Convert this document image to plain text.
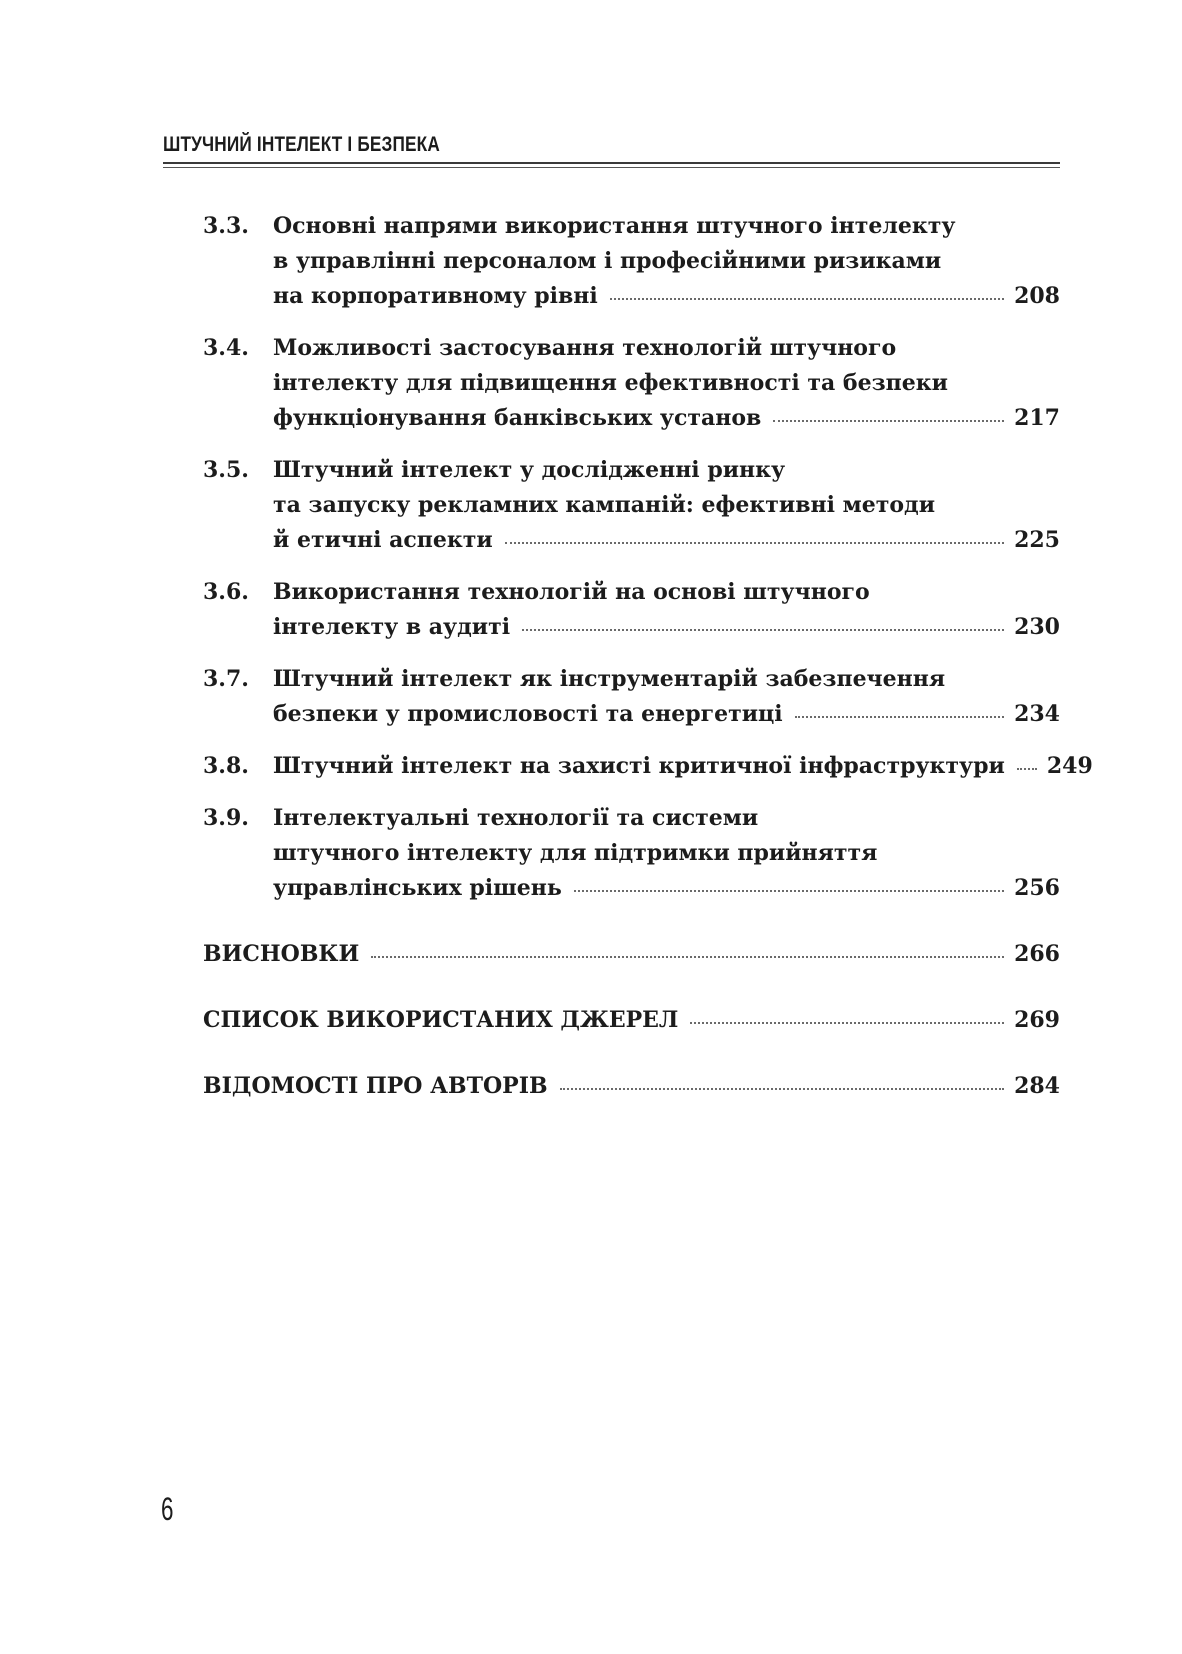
ШТУЧНИЙ ІНТЕЛЕКТ І БЕЗПЕКА
3.3.	Основні напрями використання штучного інтелекту
в управлінні персоналом і професійними ризиками
на корпоративному рівні	208
3.4.	Можливості застосування технологій штучного
інтелекту для підвищення ефективності та безпеки
функціонування банківських установ	217
3.5.	Штучний інтелект у дослідженні ринку
та запуску рекламних кампаній: ефективні методи
й етичні аспекти	225
3.6.	Використання технологій на основі штучного
інтелекту в аудиті	230
3.7.	Штучний інтелект як інструментарій забезпечення
безпеки у промисловості та енергетиці	234
3.8.	Штучний інтелект на захисті критичної інфраструктури 249
3.9.	Інтелектуальні технології та системи
штучного інтелекту для підтримки прийняття
управлінських рішень	256
ВИСНОВКИ	266
СПИСОК ВИКОРИСТАНИХ ДЖЕРЕЛ	269
ВІДОМОСТІ ПРО АВТОРІВ	284
6
